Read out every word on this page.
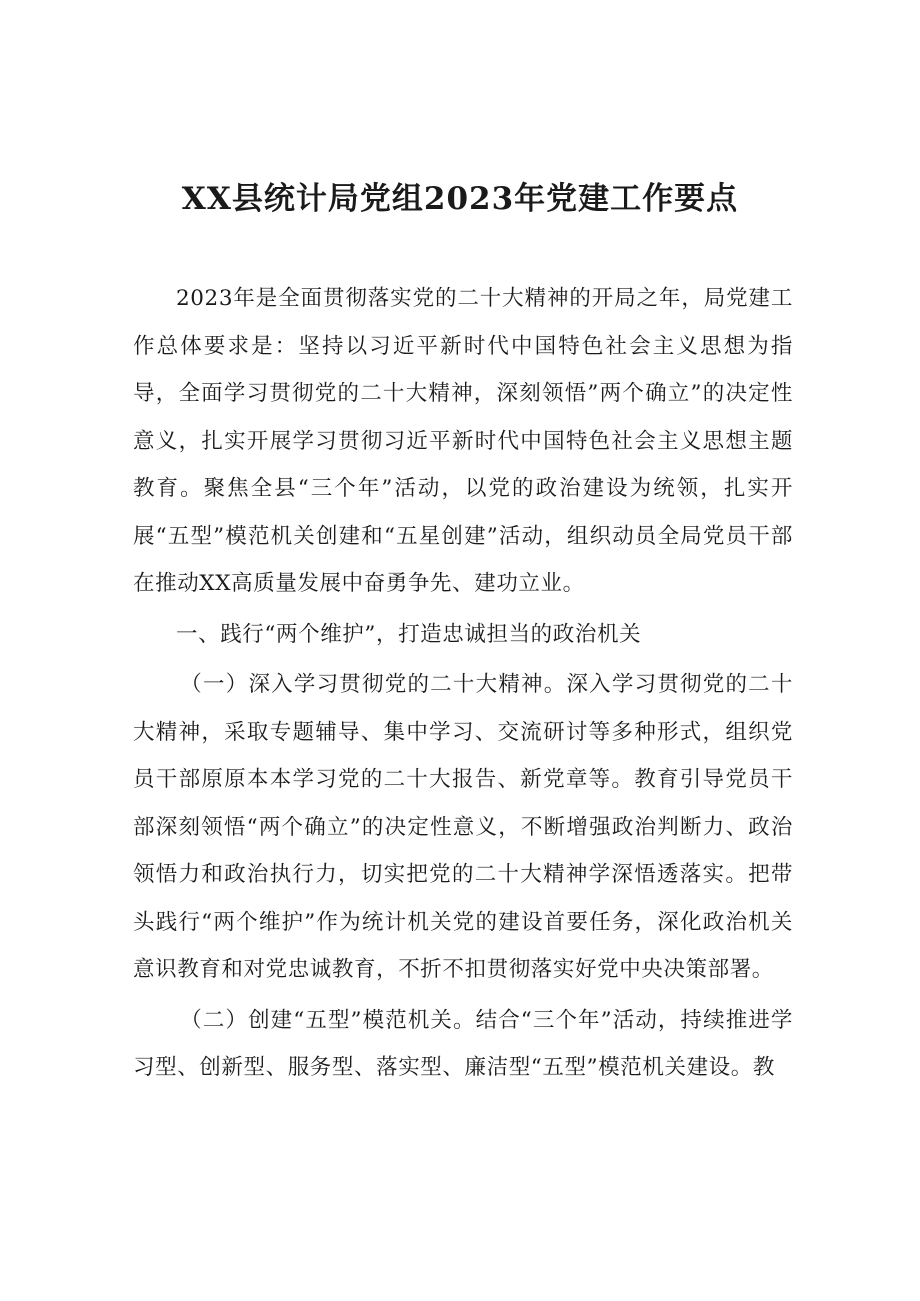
XX县统计局党组2023年党建工作要点

2023年是全面贯彻落实党的二十大精神的开局之年，局党建工作总体要求是：坚持以习近平新时代中国特色社会主义思想为指导，全面学习贯彻党的二十大精神，深刻领悟”两个确立”的决定性意义，扎实开展学习贯彻习近平新时代中国特色社会主义思想主题教育。聚焦全县“三个年”活动，以党的政治建设为统领，扎实开展“五型”模范机关创建和“五星创建”活动，组织动员全局党员干部在推动XX高质量发展中奋勇争先、建功立业。

一、践行“两个维护”，打造忠诚担当的政治机关

（一）深入学习贯彻党的二十大精神。深入学习贯彻党的二十大精神，采取专题辅导、集中学习、交流研讨等多种形式，组织党员干部原原本本学习党的二十大报告、新党章等。教育引导党员干部深刻领悟“两个确立”的决定性意义，不断增强政治判断力、政治领悟力和政治执行力，切实把党的二十大精神学深悟透落实。把带头践行“两个维护”作为统计机关党的建设首要任务，深化政治机关意识教育和对党忠诚教育，不折不扣贯彻落实好党中央决策部署。

（二）创建“五型”模范机关。结合“三个年”活动，持续推进学习型、创新型、服务型、落实型、廉洁型“五型”模范机关建设。教
